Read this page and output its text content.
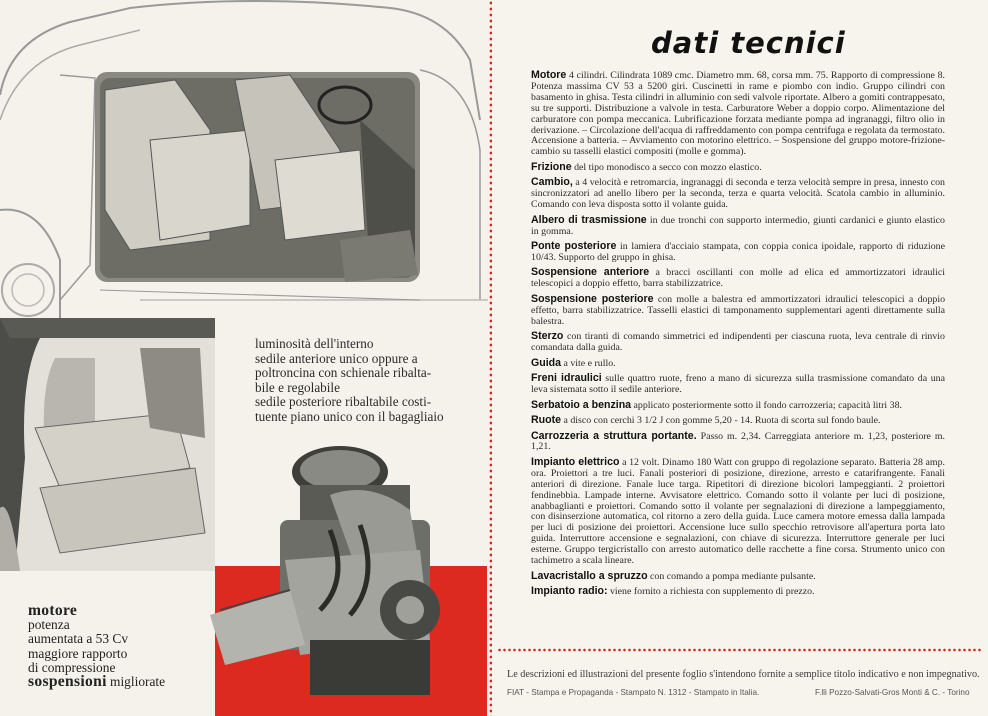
luminosità dell'interno
sedile anteriore unico oppure a
poltroncina con schienale ribalta-
bile e regolabile
sedile posteriore ribaltabile costi-
tuente piano unico con il bagagliaio
motore
potenza
aumentata a 53 Cv
maggiore rapporto
di compressione
sospensioni migliorate
dati tecnici

Motore 4 cilindri. Cilindrata 1089 cmc. Diametro mm. 68, corsa mm. 75. Rapporto di compressione 8. Potenza massima CV 53 a 5200 giri. Cuscinetti in rame e piombo con indio. Gruppo cilindri con basamento in ghisa. Testa cilindri in alluminio con sedi valvole riportate. Albero a gomiti contrappesato, su tre supporti. Distribuzione a valvole in testa. Carburatore Weber a doppio corpo. Alimentazione del carburatore con pompa meccanica. Lubrificazione forzata mediante pompa ad ingranaggi, filtro olio in derivazione. – Circolazione dell'acqua di raffreddamento con pompa centrifuga e regolata da termostato. Accensione a batteria. – Avviamento con motorino elettrico. – Sospensione del gruppo motore-frizione-cambio su tasselli elastici compositi (molle e gomma).

Frizione del tipo monodisco a secco con mozzo elastico.

Cambio, a 4 velocità e retromarcia, ingranaggi di seconda e terza velocità sempre in presa, innesto con sincronizzatori ad anello libero per la seconda, terza e quarta velocità. Scatola cambio in alluminio. Comando con leva disposta sotto il volante guida.

Albero di trasmissione in due tronchi con supporto intermedio, giunti cardanici e giunto elastico in gomma.

Ponte posteriore in lamiera d'acciaio stampata, con coppia conica ipoidale, rapporto di riduzione 10/43. Supporto del gruppo in ghisa.

Sospensione anteriore a bracci oscillanti con molle ad elica ed ammortizzatori idraulici telescopici a doppio effetto, barra stabilizzatrice.

Sospensione posteriore con molle a balestra ed ammortizzatori idraulici telescopici a doppio effetto, barra stabilizzatrice. Tasselli elastici di tamponamento supplementari agenti direttamente sulla balestra.

Sterzo con tiranti di comando simmetrici ed indipendenti per ciascuna ruota, leva centrale di rinvio comandata dalla guida.

Guida a vite e rullo.

Freni idraulici sulle quattro ruote, freno a mano di sicurezza sulla trasmissione comandato da una leva sistemata sotto il sedile anteriore.

Serbatoio a benzina applicato posteriormente sotto il fondo carrozzeria; capacità litri 38.

Ruote a disco con cerchi 3 1/2 J con gomme 5,20 - 14. Ruota di scorta sul fondo baule.

Carrozzeria a struttura portante. Passo m. 2,34. Carreggiata anteriore m. 1,23, posteriore m. 1,21.

Impianto elettrico a 12 volt. Dinamo 180 Watt con gruppo di regolazione separato. Batteria 28 amp. ora. Proiettori a tre luci. Fanali posteriori di posizione, direzione, arresto e catarifrangente. Fanali anteriori di direzione. Fanale luce targa. Ripetitori di direzione bicolori lampeggianti. 2 proiettori fendinebbia. Lampade interne. Avvisatore elettrico. Comando sotto il volante per luci di posizione, anabbaglianti e proiettori. Comando sotto il volante per segnalazioni di direzione a lampeggiamento, con disinserzione automatica, col ritorno a zero della guida. Luce camera motore emessa dalla lampada per luci di posizione dei proiettori. Accensione luce sullo specchio retrovisore all'apertura porta lato guida. Interruttore accensione e segnalazioni, con chiave di sicurezza. Interruttore generale per luci esterne. Gruppo tergicristallo con arresto automatico delle racchette a fine corsa. Strumento unico con tachimetro a scala lineare.

Lavacristallo a spruzzo con comando a pompa mediante pulsante.

Impianto radio: viene fornito a richiesta con supplemento di prezzo.

Le descrizioni ed illustrazioni del presente foglio s'intendono fornite a semplice titolo indicativo e non impegnativo.
FIAT - Stampa e Propaganda - Stampato N. 1312 - Stampato in Italia.	F.lli Pozzo-Salvati-Gros Monti & C. - Torino
